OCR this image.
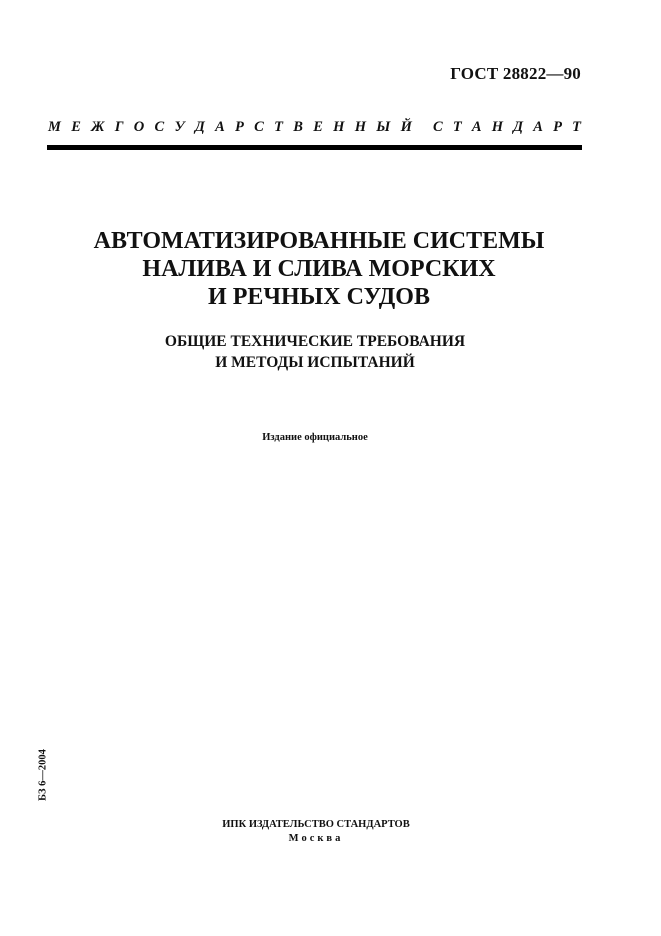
ГОСТ 28822—90
М Е Ж Г О С У Д А Р С Т В Е Н Н Ы Й С Т А Н Д А Р Т
АВТОМАТИЗИРОВАННЫЕ СИСТЕМЫ
НАЛИВА И СЛИВА МОРСКИХ
И РЕЧНЫХ СУДОВ
ОБЩИЕ ТЕХНИЧЕСКИЕ ТРЕБОВАНИЯ
И МЕТОДЫ ИСПЫТАНИЙ
Издание официальное
БЗ 6—2004
ИПК ИЗДАТЕЛЬСТВО СТАНДАРТОВ
Москва
